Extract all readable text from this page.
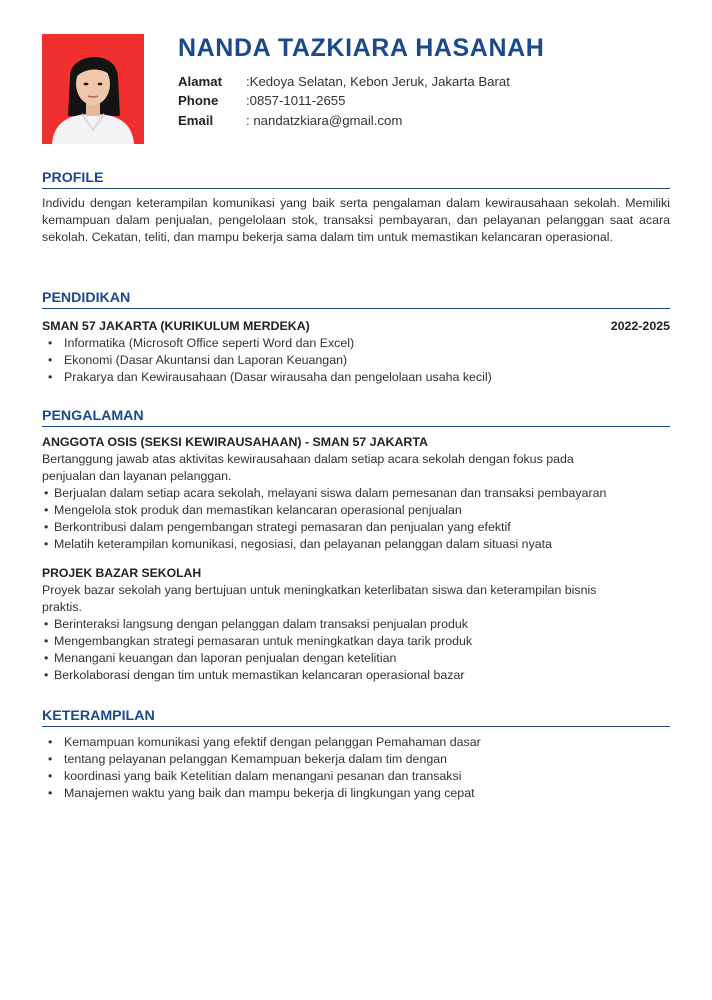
NANDA TAZKIARA HASANAH
Alamat	:Kedoya Selatan, Kebon Jeruk, Jakarta Barat
Phone	:0857-1011-2655
Email	: nandatzkiara@gmail.com
PROFILE
Individu dengan keterampilan komunikasi yang baik serta pengalaman dalam kewirausahaan sekolah. Memiliki kemampuan dalam penjualan, pengelolaan stok, transaksi pembayaran, dan pelayanan pelanggan saat acara sekolah. Cekatan, teliti, dan mampu bekerja sama dalam tim untuk memastikan kelancaran operasional.
PENDIDIKAN
SMAN 57 JAKARTA (KURIKULUM MERDEKA)	2022-2025
• Informatika (Microsoft Office seperti Word dan Excel)
• Ekonomi (Dasar Akuntansi dan Laporan Keuangan)
• Prakarya dan Kewirausahaan (Dasar wirausaha dan pengelolaan usaha kecil)
PENGALAMAN
ANGGOTA OSIS (SEKSI KEWIRAUSAHAAN) - SMAN 57 JAKARTA
Bertanggung jawab atas aktivitas kewirausahaan dalam setiap acara sekolah dengan fokus pada
penjualan dan layanan pelanggan.
• Berjualan dalam setiap acara sekolah, melayani siswa dalam pemesanan dan transaksi pembayaran
• Mengelola stok produk dan memastikan kelancaran operasional penjualan
• Berkontribusi dalam pengembangan strategi pemasaran dan penjualan yang efektif
• Melatih keterampilan komunikasi, negosiasi, dan pelayanan pelanggan dalam situasi nyata
PROJEK BAZAR SEKOLAH
Proyek bazar sekolah yang bertujuan untuk meningkatkan keterlibatan siswa dan keterampilan bisnis
praktis.
• Berinteraksi langsung dengan pelanggan dalam transaksi penjualan produk
• Mengembangkan strategi pemasaran untuk meningkatkan daya tarik produk
• Menangani keuangan dan laporan penjualan dengan ketelitian
• Berkolaborasi dengan tim untuk memastikan kelancaran operasional bazar
KETERAMPILAN
• Kemampuan komunikasi yang efektif dengan pelanggan Pemahaman dasar
• tentang pelayanan pelanggan Kemampuan bekerja dalam tim dengan
• koordinasi yang baik Ketelitian dalam menangani pesanan dan transaksi
• Manajemen waktu yang baik dan mampu bekerja di lingkungan yang cepat
